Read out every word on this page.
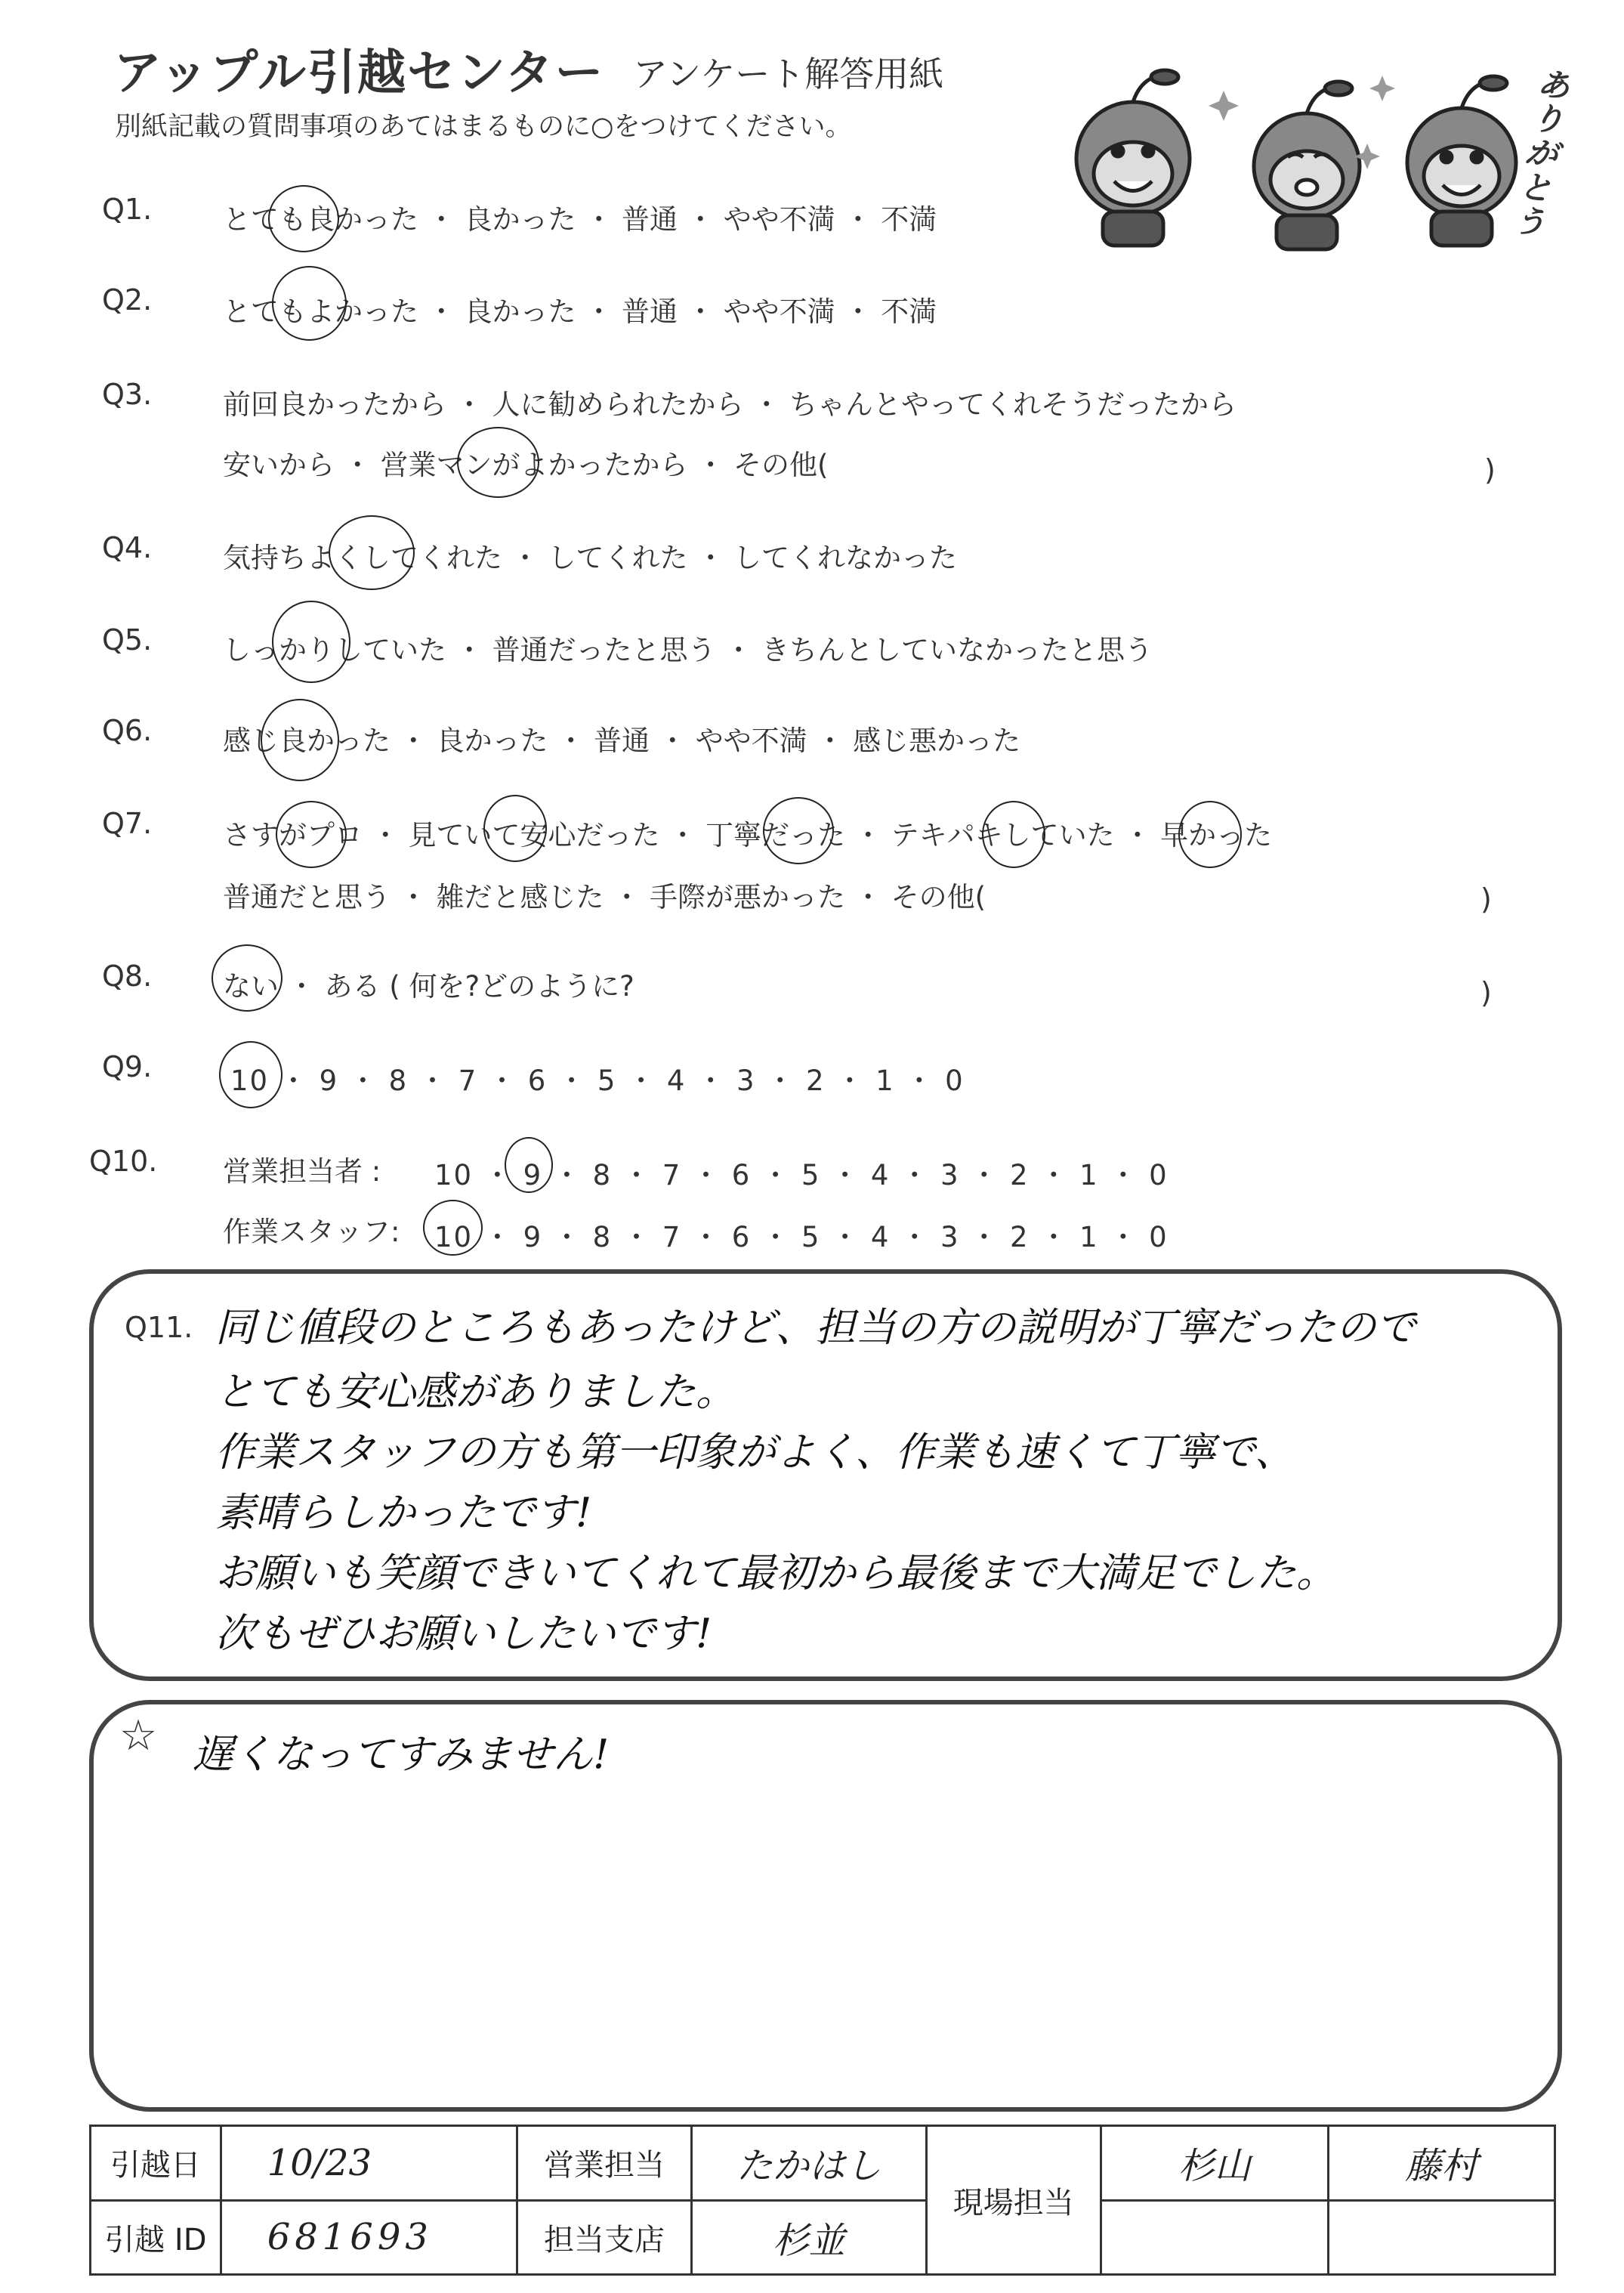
アップル引越センター アンケート解答用紙
別紙記載の質問事項のあてはまるものに○をつけてください。
ありがとう
Q1.	とても良かった ・ 良かった ・ 普通 ・ やや不満 ・ 不満
Q2.	とてもよかった ・ 良かった ・ 普通 ・ やや不満 ・ 不満
Q3.	前回良かったから ・ 人に勧められたから ・ ちゃんとやってくれそうだったから
安いから ・ 営業マンがよかったから ・ その他(	)
Q4.	気持ちよくしてくれた ・ してくれた ・ してくれなかった
Q5.	しっかりしていた ・ 普通だったと思う ・ きちんとしていなかったと思う
Q6.	感じ良かった ・ 良かった ・ 普通 ・ やや不満 ・ 感じ悪かった
Q7.	さすがプロ ・ 見ていて安心だった ・ 丁寧だった ・ テキパキしていた ・ 早かった
普通だと思う ・ 雑だと感じた ・ 手際が悪かった ・ その他(	)
Q8.	ない ・ ある ( 何を?どのように?	)
Q9.	10 ・ 9 ・ 8 ・ 7 ・ 6 ・ 5 ・ 4 ・ 3 ・ 2 ・ 1 ・ 0
Q10. 営業担当者 : 10 ・ 9 ・ 8 ・ 7 ・ 6 ・ 5 ・ 4 ・ 3 ・ 2 ・ 1 ・ 0
作業スタッフ: 10 ・ 9 ・ 8 ・ 7 ・ 6 ・ 5 ・ 4 ・ 3 ・ 2 ・ 1 ・ 0
Q11. 同じ値段のところもあったけど、担当の方の説明が丁寧だったので
とても安心感がありました。
作業スタッフの方も第一印象がよく、作業も速くて丁寧で、
素晴らしかったです!
お願いも笑顔できいてくれて最初から最後まで大満足でした。
次もぜひお願いしたいです!
☆ 遅くなってすみません!
引越日	10/23	営業担当	たかはし	現場担当	杉山	藤村
引越 ID	681693	担当支店	杉並			
